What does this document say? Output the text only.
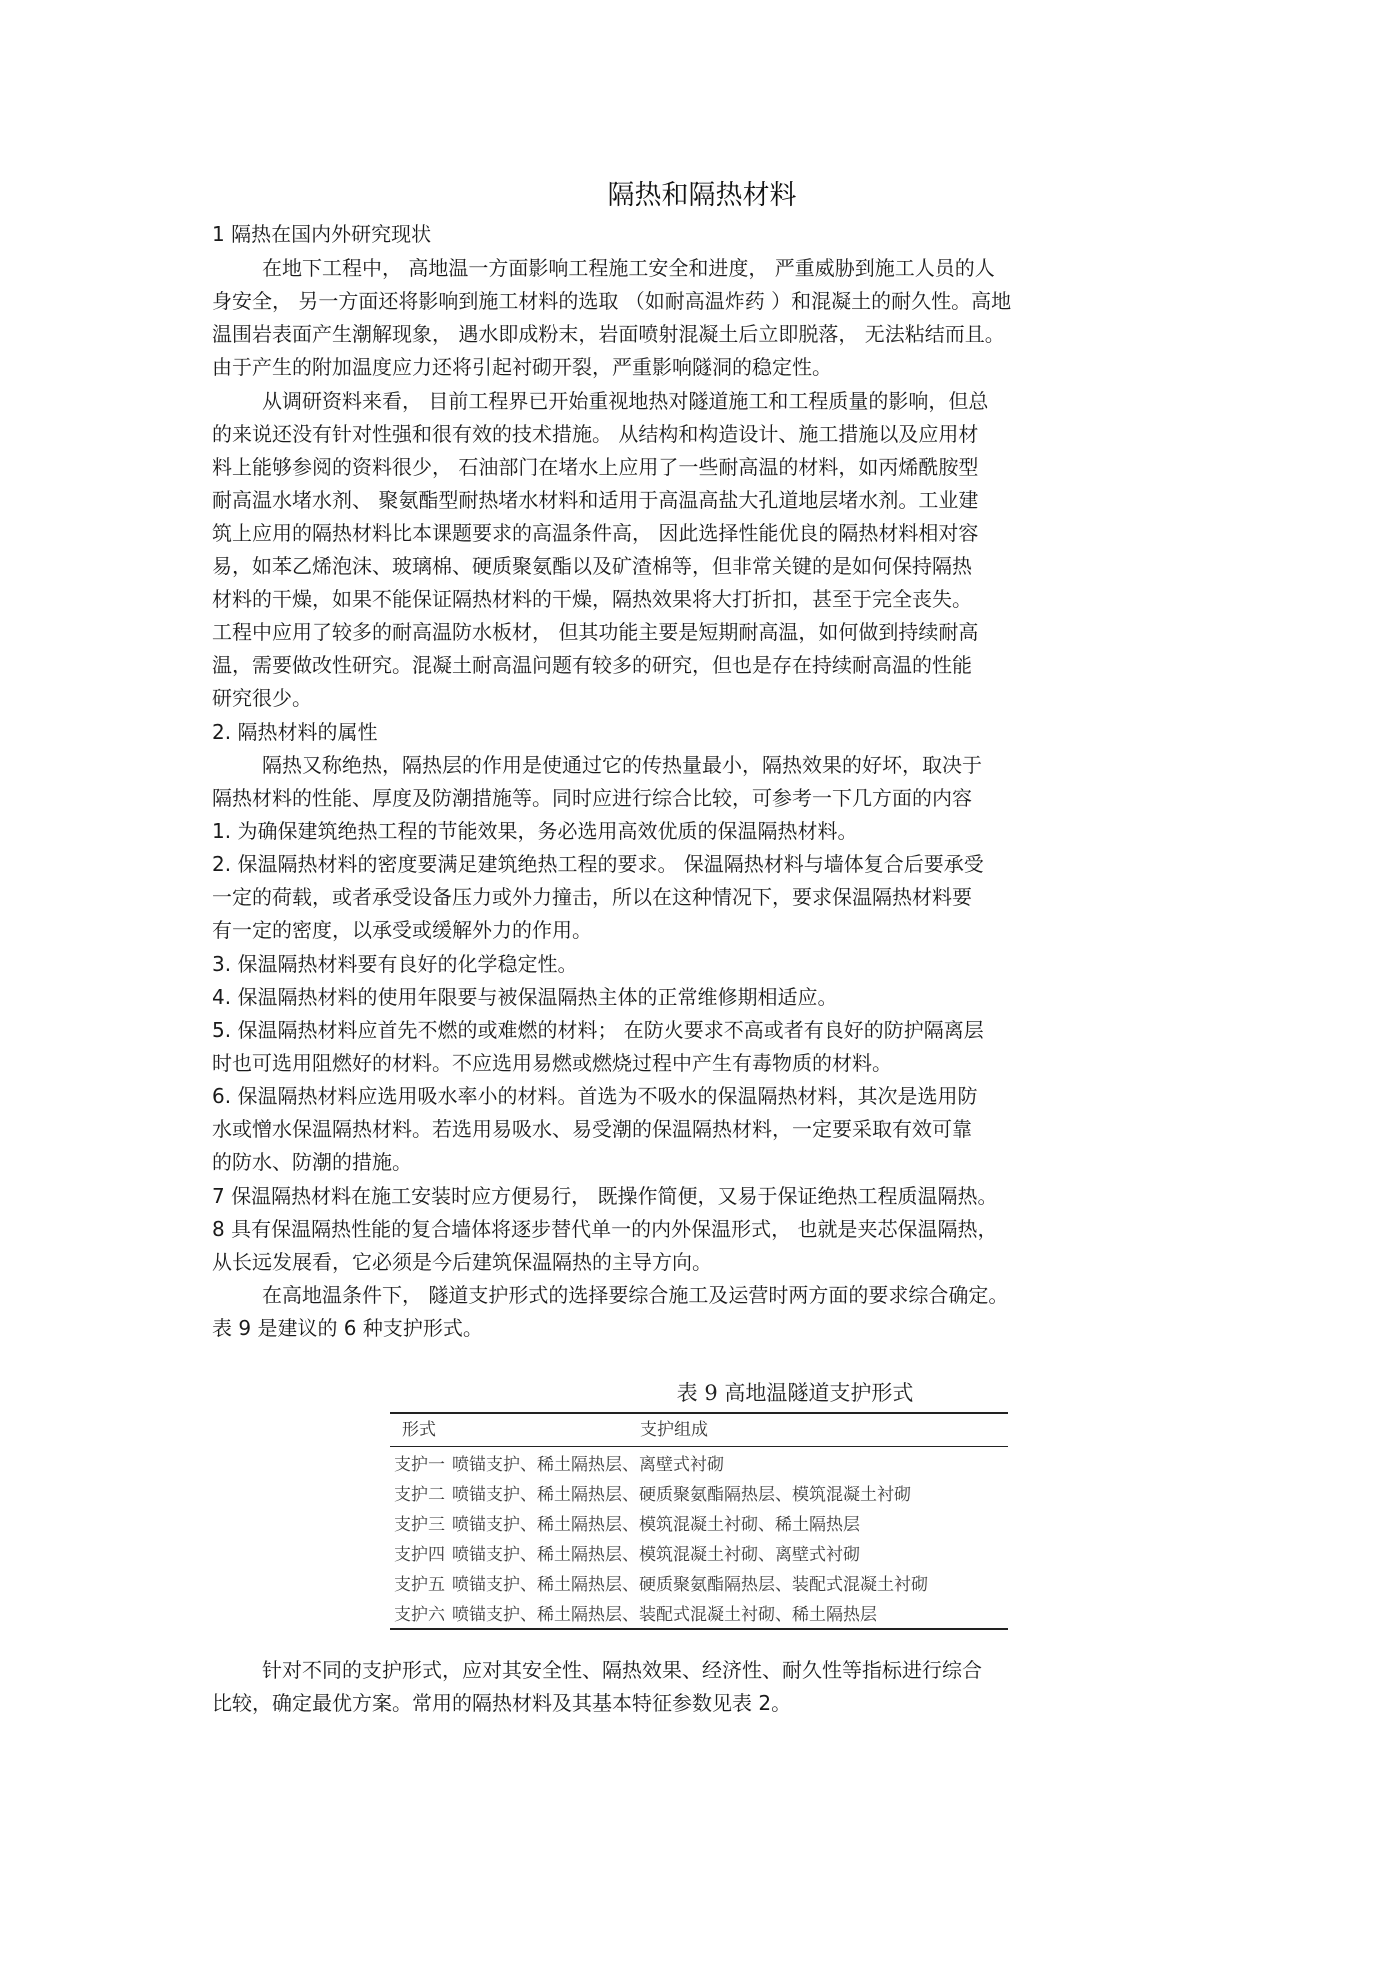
隔热和隔热材料
1 隔热在国内外研究现状
在地下工程中， 高地温一方面影响工程施工安全和进度， 严重威胁到施工人员的人
身安全， 另一方面还将影响到施工材料的选取 （如耐高温炸药 ）和混凝土的耐久性。高地
温围岩表面产生潮解现象， 遇水即成粉末，岩面喷射混凝土后立即脱落， 无法粘结而且。
由于产生的附加温度应力还将引起衬砌开裂，严重影响隧洞的稳定性。
从调研资料来看， 目前工程界已开始重视地热对隧道施工和工程质量的影响，但总
的来说还没有针对性强和很有效的技术措施。 从结构和构造设计、施工措施以及应用材
料上能够参阅的资料很少， 石油部门在堵水上应用了一些耐高温的材料，如丙烯酰胺型
耐高温水堵水剂、 聚氨酯型耐热堵水材料和适用于高温高盐大孔道地层堵水剂。工业建
筑上应用的隔热材料比本课题要求的高温条件高， 因此选择性能优良的隔热材料相对容
易，如苯乙烯泡沫、玻璃棉、硬质聚氨酯以及矿渣棉等，但非常关键的是如何保持隔热
材料的干燥，如果不能保证隔热材料的干燥，隔热效果将大打折扣，甚至于完全丧失。
工程中应用了较多的耐高温防水板材， 但其功能主要是短期耐高温，如何做到持续耐高
温，需要做改性研究。混凝土耐高温问题有较多的研究，但也是存在持续耐高温的性能
研究很少。
2. 隔热材料的属性
隔热又称绝热，隔热层的作用是使通过它的传热量最小，隔热效果的好坏，取决于
隔热材料的性能、厚度及防潮措施等。同时应进行综合比较，可参考一下几方面的内容
1. 为确保建筑绝热工程的节能效果，务必选用高效优质的保温隔热材料。
2. 保温隔热材料的密度要满足建筑绝热工程的要求。 保温隔热材料与墙体复合后要承受
一定的荷载，或者承受设备压力或外力撞击，所以在这种情况下，要求保温隔热材料要
有一定的密度，以承受或缓解外力的作用。
3. 保温隔热材料要有良好的化学稳定性。
4. 保温隔热材料的使用年限要与被保温隔热主体的正常维修期相适应。
5. 保温隔热材料应首先不燃的或难燃的材料； 在防火要求不高或者有良好的防护隔离层
时也可选用阻燃好的材料。不应选用易燃或燃烧过程中产生有毒物质的材料。
6. 保温隔热材料应选用吸水率小的材料。首选为不吸水的保温隔热材料，其次是选用防
水或憎水保温隔热材料。若选用易吸水、易受潮的保温隔热材料，一定要采取有效可靠
的防水、防潮的措施。
7 保温隔热材料在施工安装时应方便易行， 既操作简便，又易于保证绝热工程质温隔热。
8 具有保温隔热性能的复合墙体将逐步替代单一的内外保温形式， 也就是夹芯保温隔热，
从长远发展看，它必须是今后建筑保温隔热的主导方向。
在高地温条件下， 隧道支护形式的选择要综合施工及运营时两方面的要求综合确定。
表 9 是建议的 6 种支护形式。
针对不同的支护形式，应对其安全性、隔热效果、经济性、耐久性等指标进行综合
比较，确定最优方案。常用的隔热材料及其基本特征参数见表 2。
表 9 高地温隧道支护形式
形式	支护组成
支护一 喷锚支护、稀土隔热层、离壁式衬砌
支护二 喷锚支护、稀土隔热层、硬质聚氨酯隔热层、模筑混凝土衬砌
支护三 喷锚支护、稀土隔热层、模筑混凝土衬砌、稀土隔热层
支护四 喷锚支护、稀土隔热层、模筑混凝土衬砌、离壁式衬砌
支护五 喷锚支护、稀土隔热层、硬质聚氨酯隔热层、装配式混凝土衬砌
支护六 喷锚支护、稀土隔热层、装配式混凝土衬砌、稀土隔热层
